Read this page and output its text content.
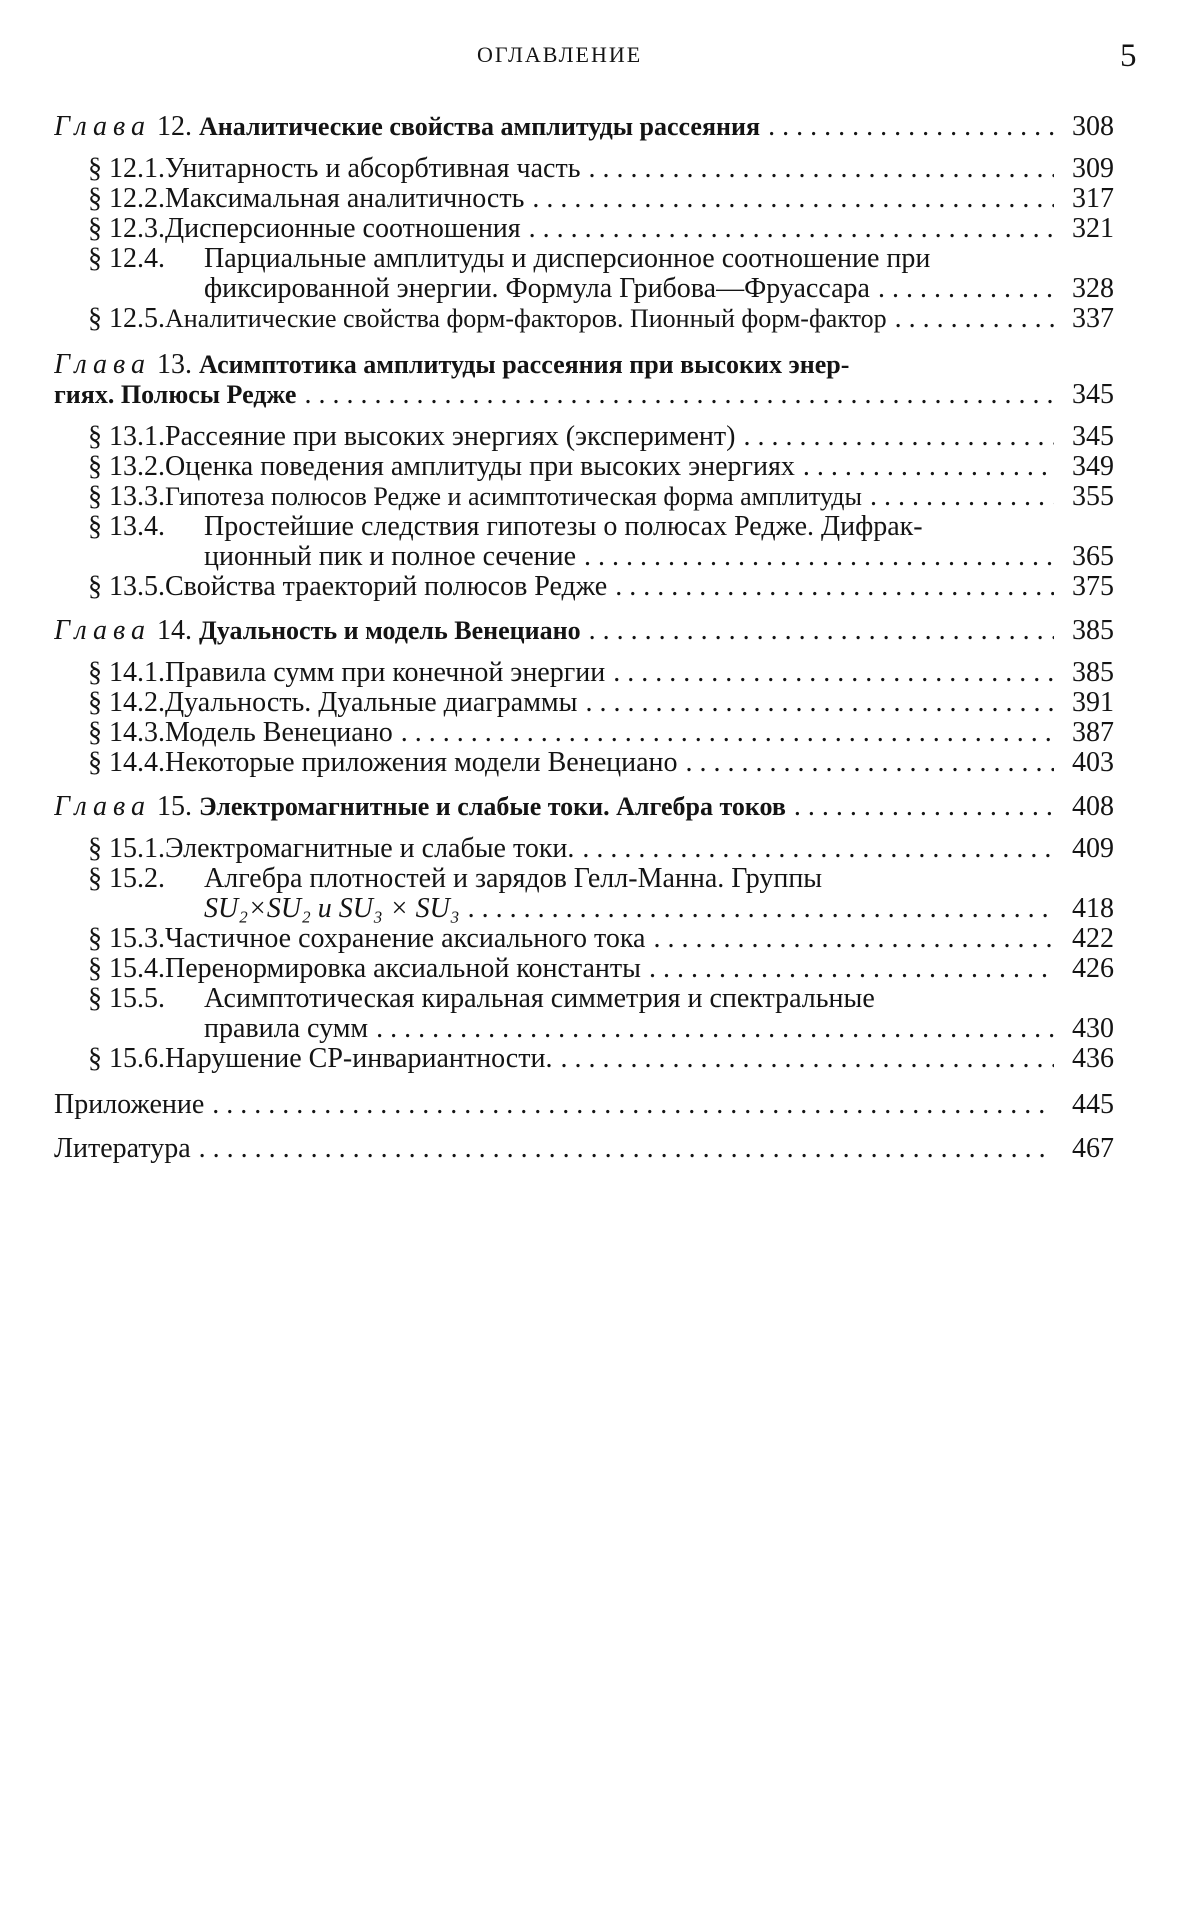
ОГЛАВЛЕНИЕ	5
Глава 12.
Аналитические свойства амплитуды рассеяния . . .	308
§ 12.1. Унитарность и абсорбтивная часть . . .	309
§ 12.2. Максимальная аналитичность . . .	317
§ 12.3. Дисперсионные соотношения . . .	321
§ 12.4.	Парциальные амплитуды и дисперсионное соотношение при
фиксированной энергии. Формула Грибова—Фруассара . . .	328
§ 12.5. Аналитические свойства форм-факторов. Пионный форм-фактор . . .	337
Глава 13.
Асимптотика амплитуды рассеяния при высоких энер-
гиях. Полюсы Редже . . .	345
§ 13.1. Рассеяние при высоких энергиях (эксперимент) . . .	345
§ 13.2. Оценка поведения амплитуды при высоких энергиях . . .	349
§ 13.3. Гипотеза полюсов Редже и асимптотическая форма амплитуды . . .	355
§ 13.4.	Простейшие следствия гипотезы о полюсах Редже. Дифрак-
ционный пик и полное сечение . . .	365
§ 13.5. Свойства траекторий полюсов Редже . . .	375
Глава 14.
Дуальность и модель Венециано . . .	385
§ 14.1. Правила сумм при конечной энергии . . .	385
§ 14.2. Дуальность. Дуальные диаграммы . . .	391
§ 14.3. Модель Венециано . . .	387
§ 14.4. Некоторые приложения модели Венециано . . .	403
Глава 15.
Электромагнитные и слабые токи. Алгебра токов . . .	408
§ 15.1. Электромагнитные и слабые токи. . . .	409
§ 15.2.	Алгебра плотностей и зарядов Гелл-Манна. Группы
SU₂×SU₂ и SU₃ × SU₃ . . .	418
§ 15.3. Частичное сохранение аксиального тока . . .	422
§ 15.4. Перенормировка аксиальной константы . . .	426
§ 15.5.	Асимптотическая киральная симметрия и спектральные
правила сумм . . .	430
§ 15.6. Нарушение СР-инвариантности. . . .	436
Приложение . . .	445
Литература . . .	467
